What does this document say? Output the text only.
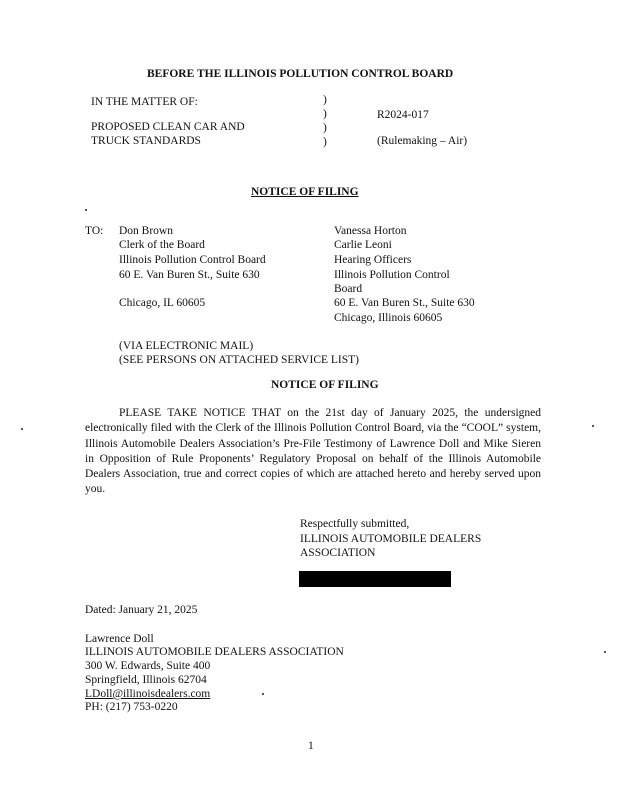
BEFORE THE ILLINOIS POLLUTION CONTROL BOARD
IN THE MATTER OF:
PROPOSED CLEAN CAR AND
TRUCK STANDARDS
)
)
)
)
R2024-017
(Rulemaking – Air)
NOTICE OF FILING
TO: Don Brown
Clerk of the Board
Illinois Pollution Control Board
60 E. Van Buren St., Suite 630
Chicago, IL 60605
Vanessa Horton
Carlie Leoni
Hearing Officers
Illinois Pollution Control
Board
60 E. Van Buren St., Suite 630
Chicago, Illinois 60605
(VIA ELECTRONIC MAIL)
(SEE PERSONS ON ATTACHED SERVICE LIST)
NOTICE OF FILING
PLEASE TAKE NOTICE THAT on the 21st day of January 2025, the undersigned electronically filed with the Clerk of the Illinois Pollution Control Board, via the “COOL” system, Illinois Automobile Dealers Association’s Pre-File Testimony of Lawrence Doll and Mike Sieren in Opposition of Rule Proponents’ Regulatory Proposal on behalf of the Illinois Automobile Dealers Association, true and correct copies of which are attached hereto and hereby served upon you.
Respectfully submitted,
ILLINOIS AUTOMOBILE DEALERS
ASSOCIATION
Dated: January 21, 2025
Lawrence Doll
ILLINOIS AUTOMOBILE DEALERS ASSOCIATION
300 W. Edwards, Suite 400
Springfield, Illinois 62704
LDoll@illinoisdealers.com
PH: (217) 753-0220
1
